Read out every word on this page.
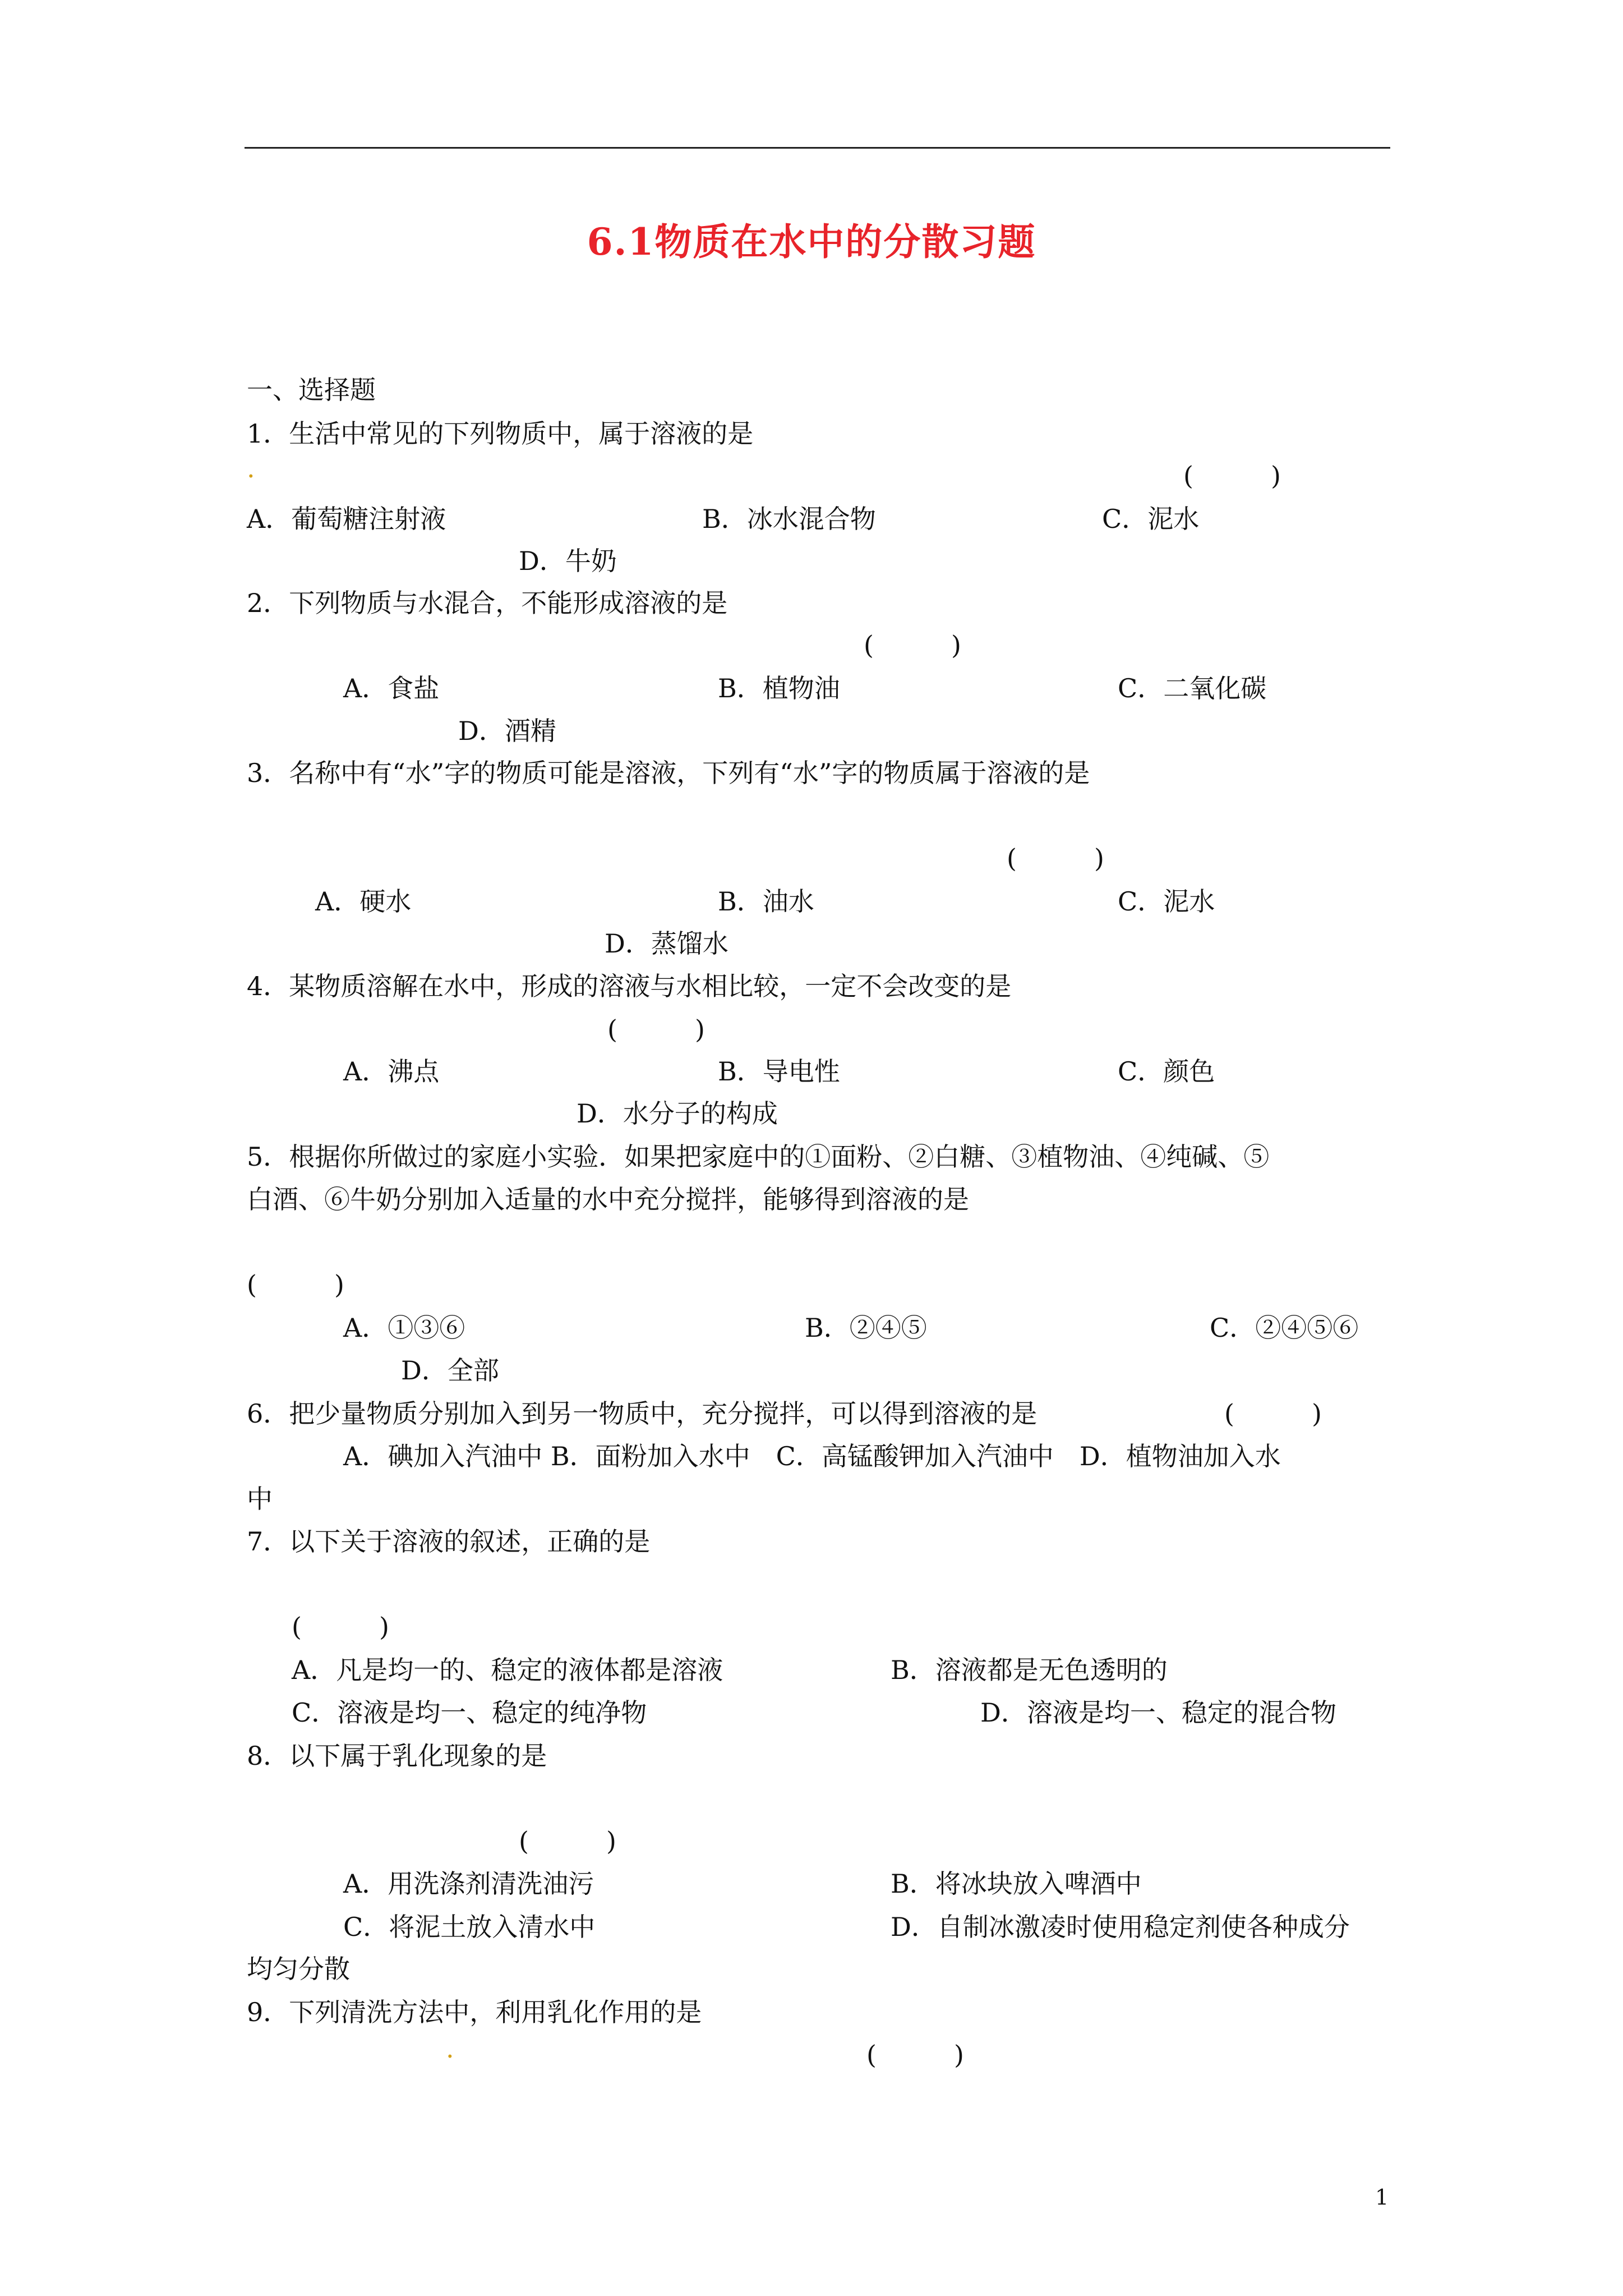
6.1物质在水中的分散习题
一、选择题
1．生活中常见的下列物质中，属于溶液的是
.	(　　　)
A．葡萄糖注射液	B．冰水混合物	C．泥水
D．牛奶
2．下列物质与水混合，不能形成溶液的是
(　　　)
A．食盐	B．植物油	C．二氧化碳
D．酒精
3．名称中有“水”字的物质可能是溶液，下列有“水”字的物质属于溶液的是
(　　　)
A．硬水	B．油水	C．泥水
D．蒸馏水
4．某物质溶解在水中，形成的溶液与水相比较，一定不会改变的是
(　　　)
A．沸点	B．导电性	C．颜色
D．水分子的构成
5．根据你所做过的家庭小实验．如果把家庭中的①面粉、②白糖、③植物油、④纯碱、⑤
白酒、⑥牛奶分别加入适量的水中充分搅拌，能够得到溶液的是
(　　　)
A．①③⑥	B．②④⑤	C．②④⑤⑥
D．全部
6．把少量物质分别加入到另一物质中，充分搅拌，可以得到溶液的是	(　　　)
A．碘加入汽油中 B．面粉加入水中　C．高锰酸钾加入汽油中　D．植物油加入水
中
7．以下关于溶液的叙述，正确的是
(　　　)
A．凡是均一的、稳定的液体都是溶液	B．溶液都是无色透明的
C．溶液是均一、稳定的纯净物	D．溶液是均一、稳定的混合物
8．以下属于乳化现象的是
(　　　)
A．用洗涤剂清洗油污	B．将冰块放入啤酒中
C．将泥土放入清水中	D．自制冰激凌时使用稳定剂使各种成分
均匀分散
9．下列清洗方法中，利用乳化作用的是
.	(　　　)
1
